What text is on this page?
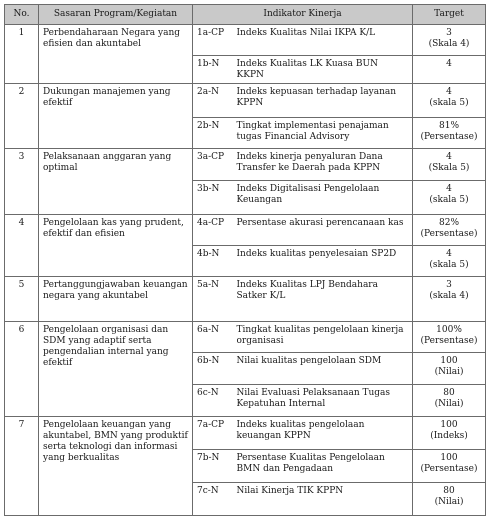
No.	Sasaran Program/Kegiatan	Indikator Kinerja		Target
1	Perbendaharaan Negara yang efisien dan akuntabel	1a-CP	Indeks Kualitas Nilai IKPA K/L	3
(Skala 4)

		1b-N	Indeks Kualitas LK Kuasa BUN KKPN	4

2	Dukungan manajemen yang efektif	2a-N	Indeks kepuasan terhadap layanan KPPN	4
(skala 5)

		2b-N	Tingkat implementasi penajaman tugas Financial Advisory	81%
(Persentase)

3	Pelaksanaan anggaran yang optimal	3a-CP	Indeks kinerja penyaluran Dana Transfer ke Daerah pada KPPN	4
(Skala 5)

		3b-N	Indeks Digitalisasi Pengelolaan Keuangan	4
(skala 5)

4	Pengelolaan kas yang prudent, efektif dan efisien	4a-CP	Persentase akurasi perencanaan kas	82%
(Persentase)

		4b-N	Indeks kualitas penyelesaian SP2D	4
(skala 5)

5	Pertanggungjawaban keuangan negara yang akuntabel	5a-N	Indeks Kualitas LPJ Bendahara Satker K/L	3
(skala 4)

6	Pengelolaan organisasi dan SDM yang adaptif serta pengendalian internal yang efektif	6a-N	Tingkat kualitas pengelolaan kinerja organisasi	100%
(Persentase)

		6b-N	Nilai kualitas pengelolaan SDM	100
(Nilai)

		6c-N	Nilai Evaluasi Pelaksanaan Tugas Kepatuhan Internal	80
(Nilai)

7	Pengelolaan keuangan yang akuntabel, BMN yang produktif serta teknologi dan informasi yang berkualitas	7a-CP	Indeks kualitas pengelolaan keuangan KPPN	100
(Indeks)

		7b-N	Persentase Kualitas Pengelolaan BMN dan Pengadaan	100
(Persentase)

		7c-N	Nilai Kinerja TIK KPPN	80
(Nilai)
